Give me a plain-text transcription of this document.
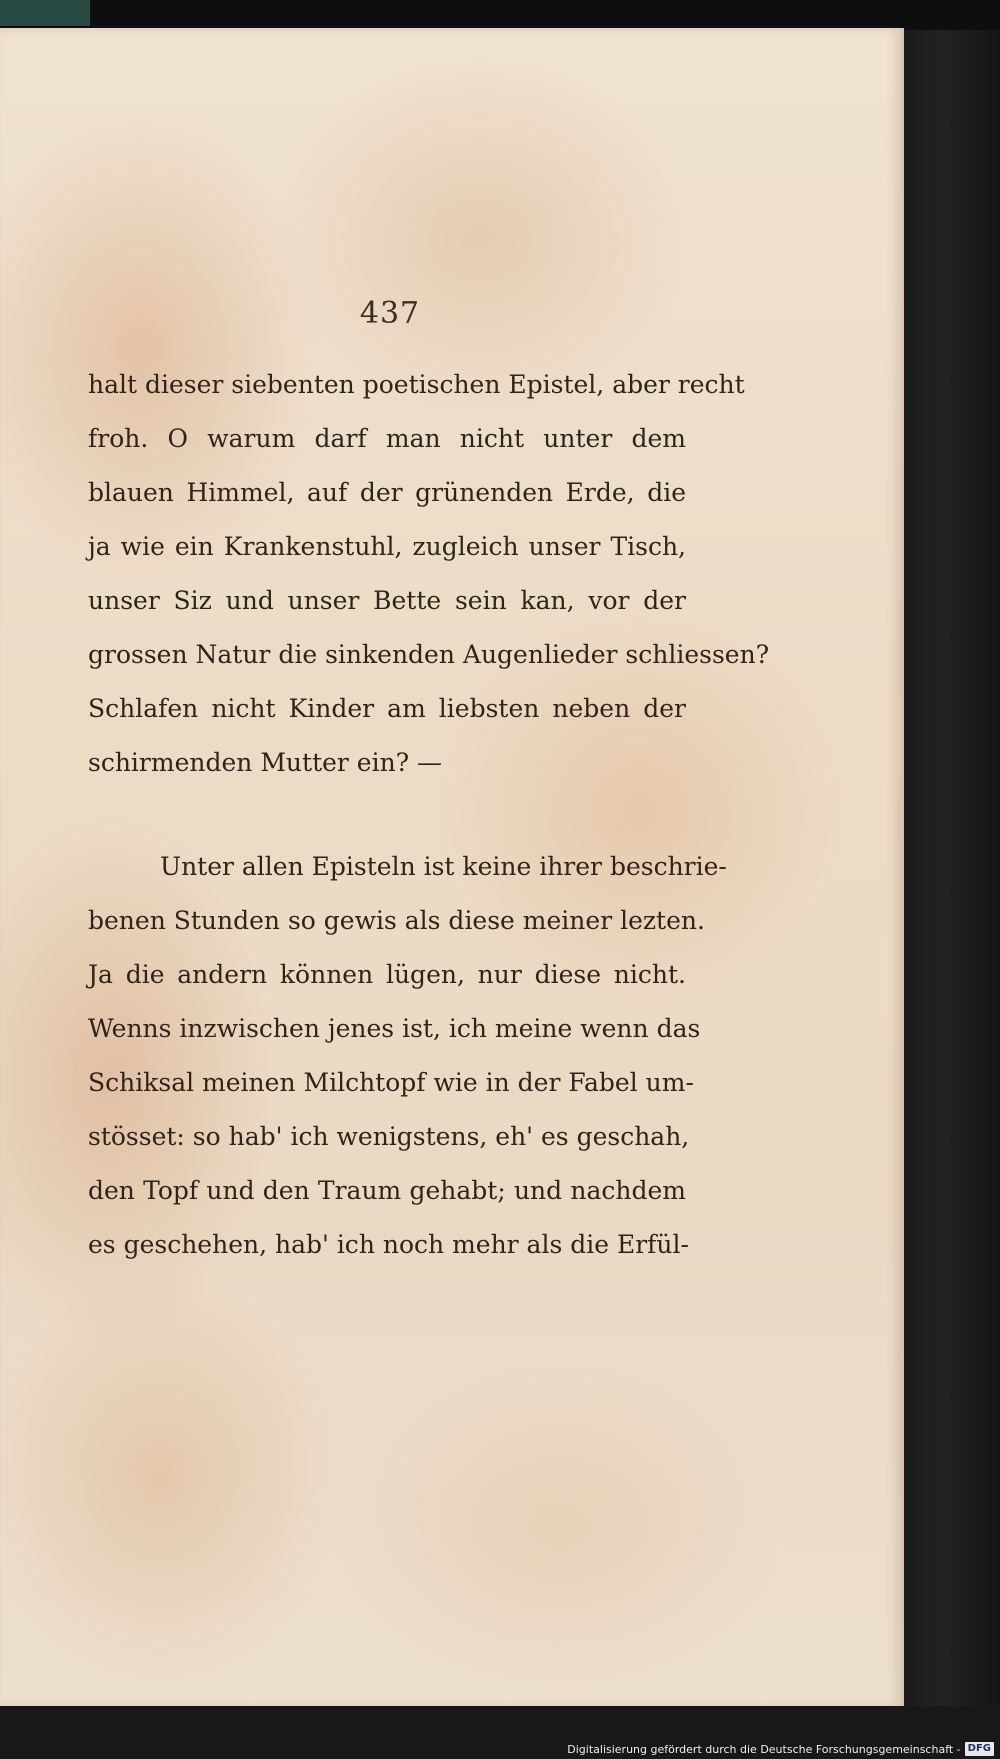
437
halt dieser siebenten poetischen Epistel, aber recht
froh. O warum darf man nicht unter dem
blauen Himmel, auf der grünenden Erde, die
ja wie ein Krankenstuhl, zugleich unser Tisch,
unser Siz und unser Bette sein kan, vor der
grossen Natur die sinkenden Augenlieder schliessen?
Schlafen nicht Kinder am liebsten neben der
schirmenden Mutter ein? —
Unter allen Episteln ist keine ihrer beschrie-
benen Stunden so gewis als diese meiner lezten.
Ja die andern können lügen, nur diese nicht.
Wenns inzwischen jenes ist, ich meine wenn das
Schiksal meinen Milchtopf wie in der Fabel um-
stösset: so hab' ich wenigstens, eh' es geschah,
den Topf und den Traum gehabt; und nachdem
es geschehen, hab' ich noch mehr als die Erfül-
Digitalisierung gefördert durch die Deutsche Forschungsgemeinschaft - DFG
